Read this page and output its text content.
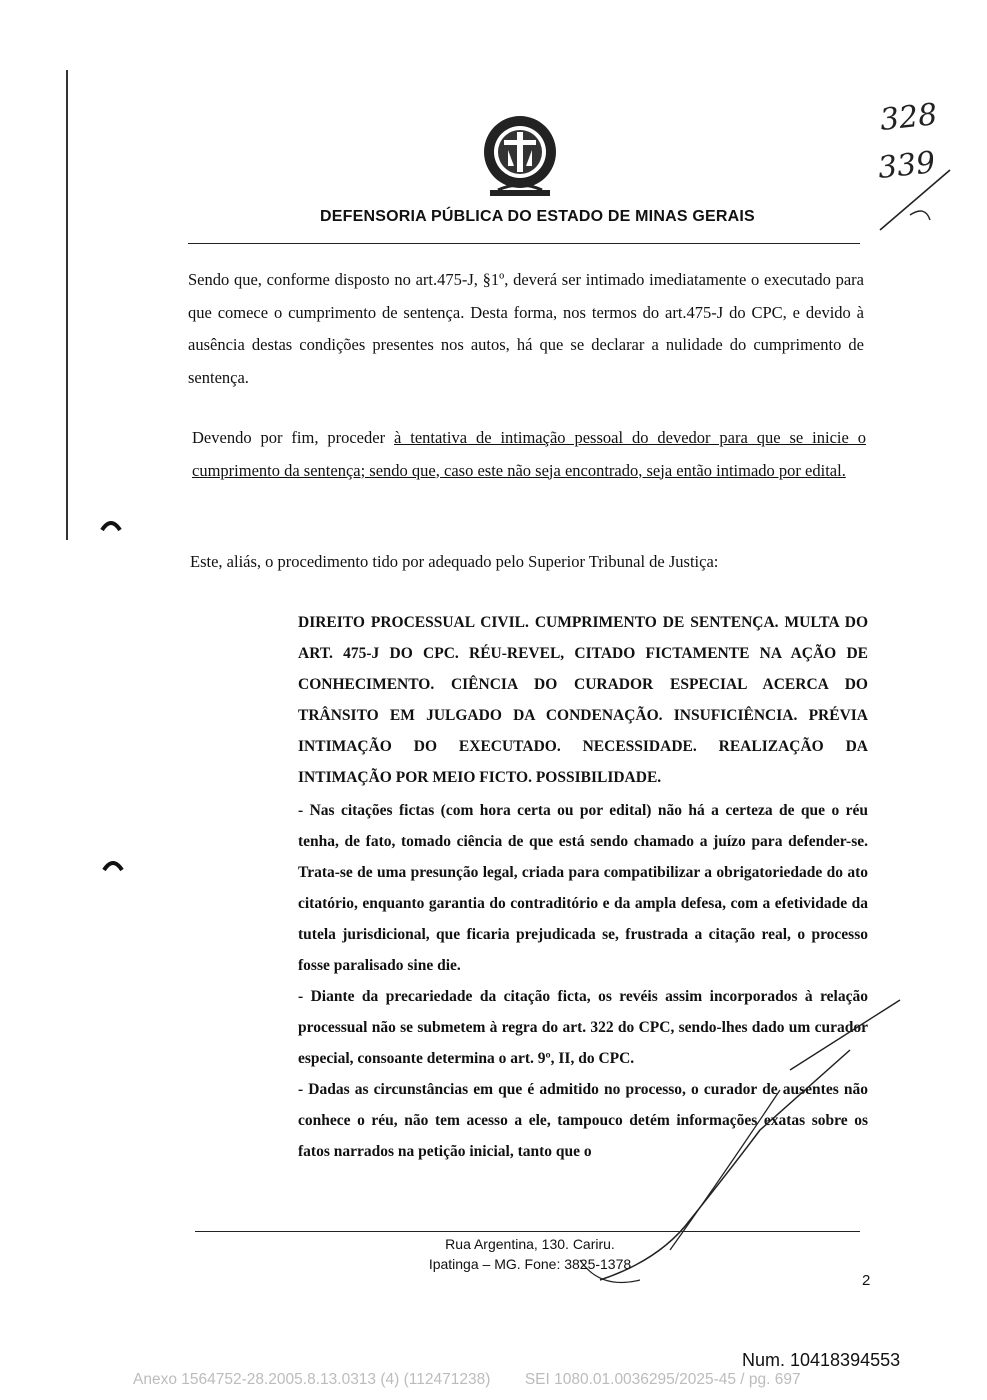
DEFENSORIA PÚBLICA DO ESTADO DE MINAS GERAIS
328
339
Sendo que, conforme disposto no art.475-J, §1º, deverá ser intimado imediatamente o executado para que comece o cumprimento de sentença. Desta forma, nos termos do art.475-J do CPC, e devido à ausência destas condições presentes nos autos, há que se declarar a nulidade do cumprimento de sentença.
Devendo por fim, proceder à tentativa de intimação pessoal do devedor para que se inicie o cumprimento da sentença; sendo que, caso este não seja encontrado, seja então intimado por edital.
Este, aliás, o procedimento tido por adequado pelo Superior Tribunal de Justiça:
DIREITO PROCESSUAL CIVIL. CUMPRIMENTO DE SENTENÇA. MULTA DO ART. 475-J DO CPC. RÉU-REVEL, CITADO FICTAMENTE NA AÇÃO DE CONHECIMENTO. CIÊNCIA DO CURADOR ESPECIAL ACERCA DO TRÂNSITO EM JULGADO DA CONDENAÇÃO. INSUFICIÊNCIA. PRÉVIA INTIMAÇÃO DO EXECUTADO. NECESSIDADE. REALIZAÇÃO DA INTIMAÇÃO POR MEIO FICTO. POSSIBILIDADE.

- Nas citações fictas (com hora certa ou por edital) não há a certeza de que o réu tenha, de fato, tomado ciência de que está sendo chamado a juízo para defender-se. Trata-se de uma presunção legal, criada para compatibilizar a obrigatoriedade do ato citatório, enquanto garantia do contraditório e da ampla defesa, com a efetividade da tutela jurisdicional, que ficaria prejudicada se, frustrada a citação real, o processo fosse paralisado sine die.

- Diante da precariedade da citação ficta, os revéis assim incorporados à relação processual não se submetem à regra do art. 322 do CPC, sendo-lhes dado um curador especial, consoante determina o art. 9º, II, do CPC.

- Dadas as circunstâncias em que é admitido no processo, o curador de ausentes não conhece o réu, não tem acesso a ele, tampouco detém informações exatas sobre os fatos narrados na petição inicial, tanto que o

Rua Argentina, 130. Cariru.
Ipatinga – MG. Fone: 3825-1378
2
Num. 10418394553
Anexo 1564752-28.2005.8.13.0313 (4) (112471238)        SEI 1080.01.0036295/2025-45 / pg. 697
